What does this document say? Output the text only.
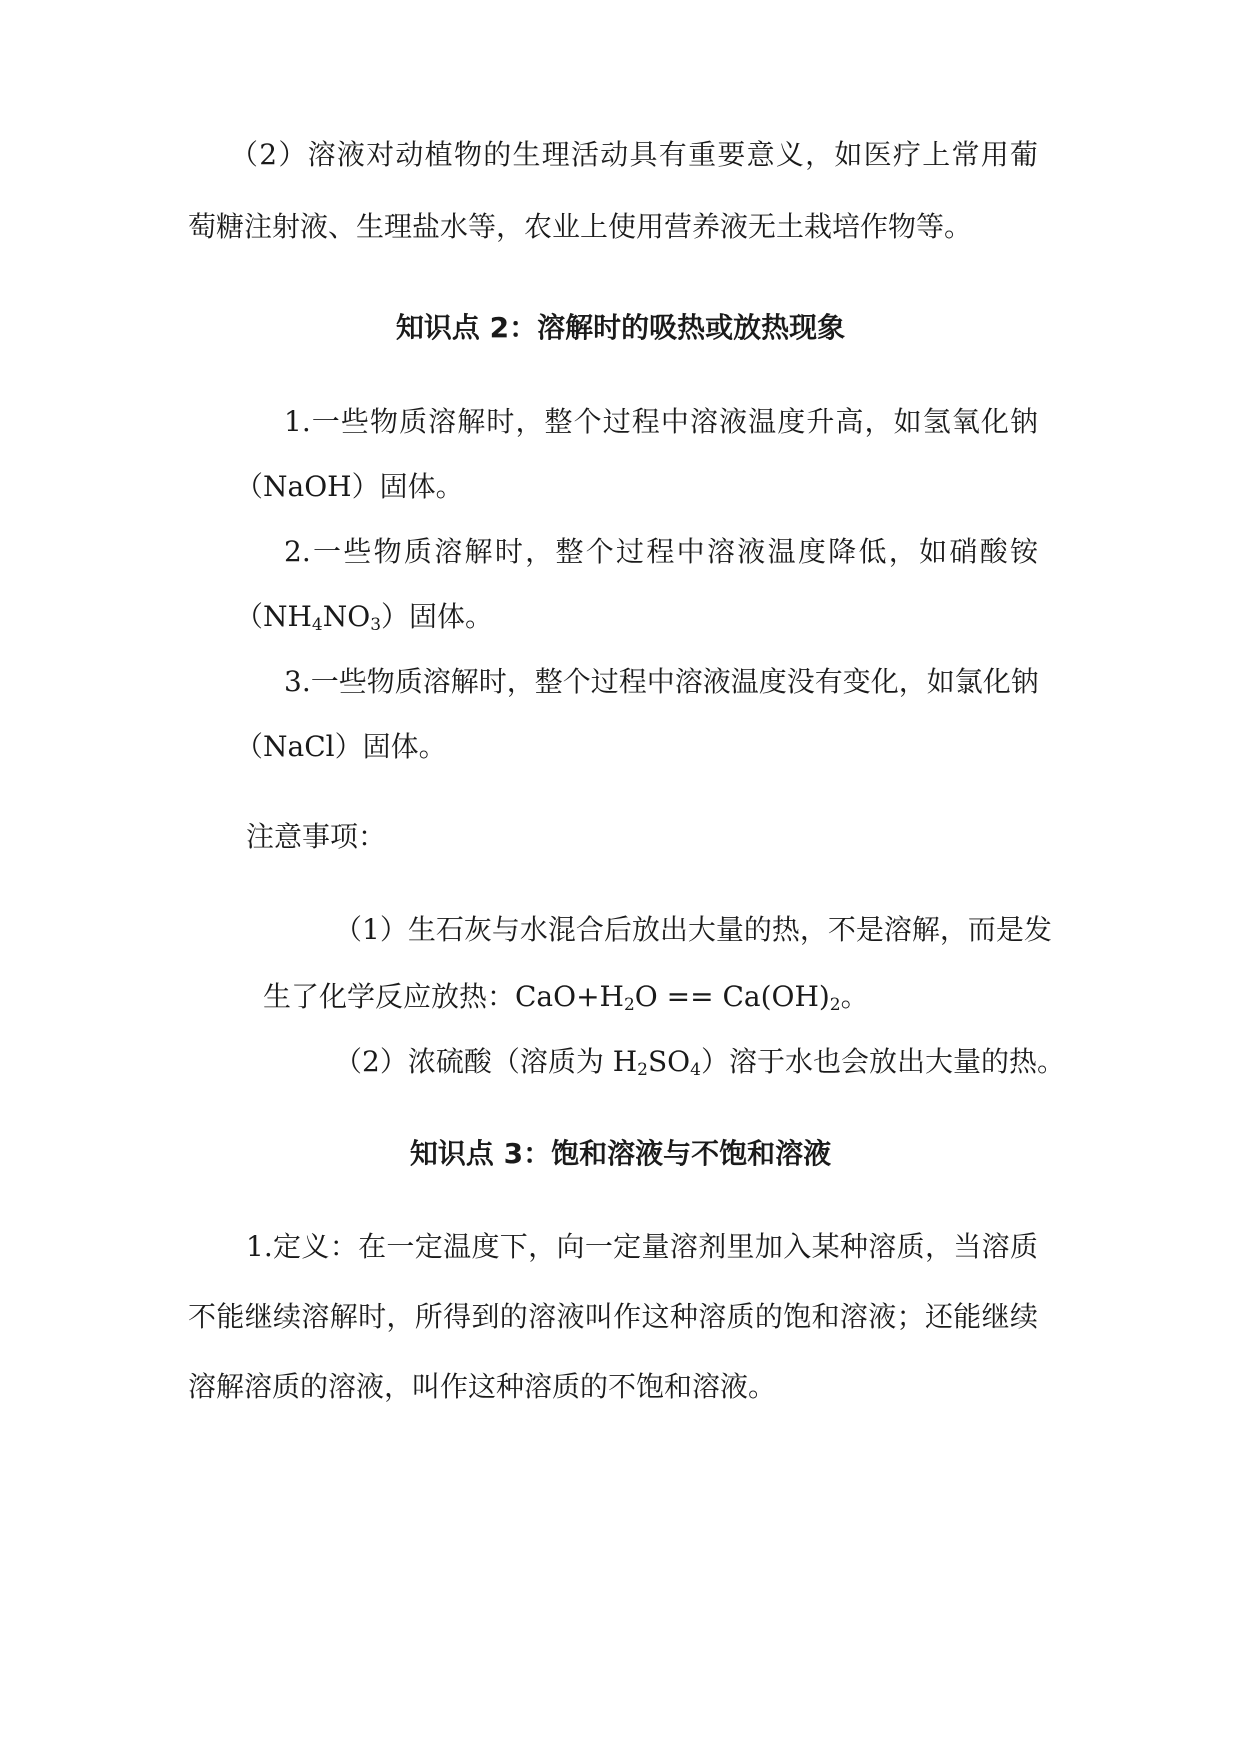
（2）溶液对动植物的生理活动具有重要意义，如医疗上常用葡
萄糖注射液、生理盐水等，农业上使用营养液无土栽培作物等。
知识点 2：溶解时的吸热或放热现象
1.一些物质溶解时，整个过程中溶液温度升高，如氢氧化钠
（NaOH）固体。
2.一些物质溶解时，整个过程中溶液温度降低，如硝酸铵
$(NH_4NO_3)$固体。
3.一些物质溶解时，整个过程中溶液温度没有变化，如氯化钠
（NaCl）固体。
注意事项：
（1）生石灰与水混合后放出大量的热，不是溶解，而是发
生了化学反应放热：$CaO+H_2O == Ca(OH)_2$。
（2）浓硫酸（溶质为 $H_2SO_4$）溶于水也会放出大量的热。
知识点 3：饱和溶液与不饱和溶液
1.定义：在一定温度下，向一定量溶剂里加入某种溶质，当溶质
不能继续溶解时，所得到的溶液叫作这种溶质的饱和溶液；还能继续
溶解溶质的溶液，叫作这种溶质的不饱和溶液。
